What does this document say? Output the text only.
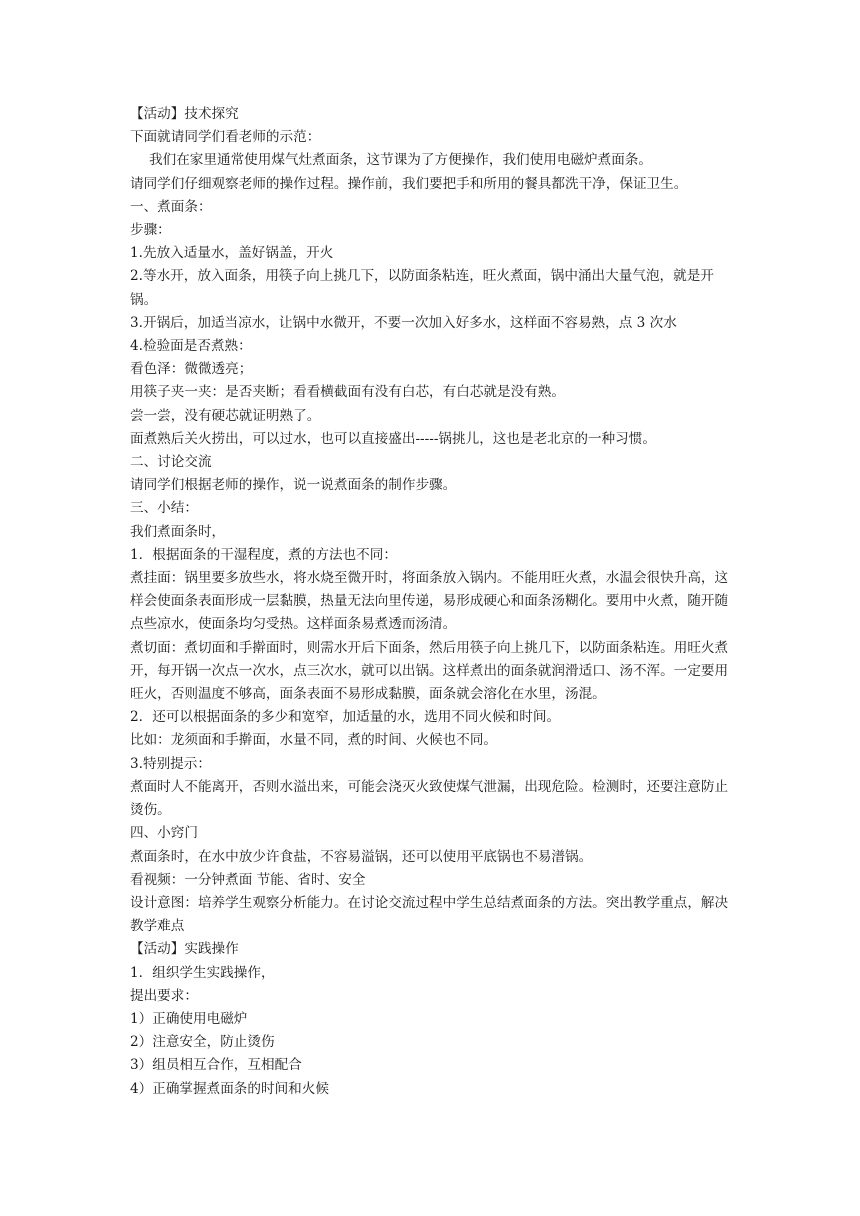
【活动】技术探究

下面就请同学们看老师的示范：

我们在家里通常使用煤气灶煮面条，这节课为了方便操作，我们使用电磁炉煮面条。

请同学们仔细观察老师的操作过程。操作前，我们要把手和所用的餐具都洗干净，保证卫生。

一、煮面条：

步骤：

1.先放入适量水，盖好锅盖，开火

2.等水开，放入面条，用筷子向上挑几下，以防面条粘连，旺火煮面，锅中涌出大量气泡，就是开锅。

3.开锅后，加适当凉水，让锅中水微开，不要一次加入好多水，这样面不容易熟，点 3 次水

4.检验面是否煮熟：

看色泽：微微透亮；

用筷子夹一夹：是否夹断；看看横截面有没有白芯，有白芯就是没有熟。

尝一尝，没有硬芯就证明熟了。

面煮熟后关火捞出，可以过水，也可以直接盛出-----锅挑儿，这也是老北京的一种习惯。

二、讨论交流

请同学们根据老师的操作，说一说煮面条的制作步骤。

三、小结：

我们煮面条时，

1．根据面条的干湿程度，煮的方法也不同：

煮挂面：锅里要多放些水，将水烧至微开时，将面条放入锅内。不能用旺火煮，水温会很快升高，这样会使面条表面形成一层黏膜，热量无法向里传递，易形成硬心和面条汤糊化。要用中火煮，随开随点些凉水，使面条均匀受热。这样面条易煮透而汤清。

煮切面：煮切面和手擀面时，则需水开后下面条，然后用筷子向上挑几下，以防面条粘连。用旺火煮开，每开锅一次点一次水，点三次水，就可以出锅。这样煮出的面条就润滑适口、汤不浑。一定要用旺火，否则温度不够高，面条表面不易形成黏膜，面条就会溶化在水里，汤混。

2．还可以根据面条的多少和宽窄，加适量的水，选用不同火候和时间。

比如：龙须面和手擀面，水量不同，煮的时间、火候也不同。

3.特别提示：

煮面时人不能离开，否则水溢出来，可能会浇灭火致使煤气泄漏，出现危险。检测时，还要注意防止烫伤。

四、小窍门

煮面条时，在水中放少许食盐，不容易溢锅，还可以使用平底锅也不易潽锅。

看视频：一分钟煮面 节能、省时、安全

设计意图：培养学生观察分析能力。在讨论交流过程中学生总结煮面条的方法。突出教学重点，解决教学难点

【活动】实践操作

1．组织学生实践操作，

提出要求：

1）正确使用电磁炉

2）注意安全，防止烫伤

3）组员相互合作，互相配合

4）正确掌握煮面条的时间和火候
